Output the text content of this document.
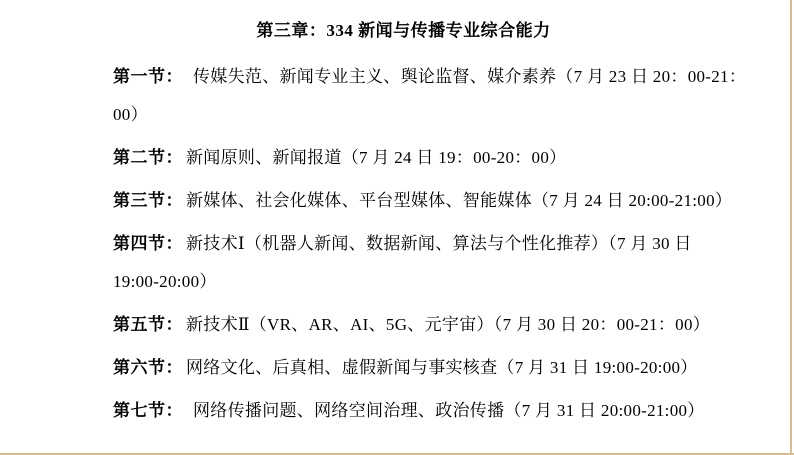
第三章：334 新闻与传播专业综合能力
第一节： 传媒失范、新闻专业主义、舆论监督、媒介素养（7 月 23 日 20：00-21：
00）
第二节： 新闻原则、新闻报道（7 月 24 日 19：00-20：00）
第三节： 新媒体、社会化媒体、平台型媒体、智能媒体（7 月 24 日 20:00-21:00）
第四节： 新技术Ⅰ（机器人新闻、数据新闻、算法与个性化推荐）（7 月 30 日
19:00-20:00）
第五节： 新技术Ⅱ（VR、AR、AI、5G、元宇宙）（7 月 30 日 20：00-21：00）
第六节： 网络文化、后真相、虚假新闻与事实核查（7 月 31 日 19:00-20:00）
第七节： 网络传播问题、网络空间治理、政治传播（7 月 31 日 20:00-21:00）
